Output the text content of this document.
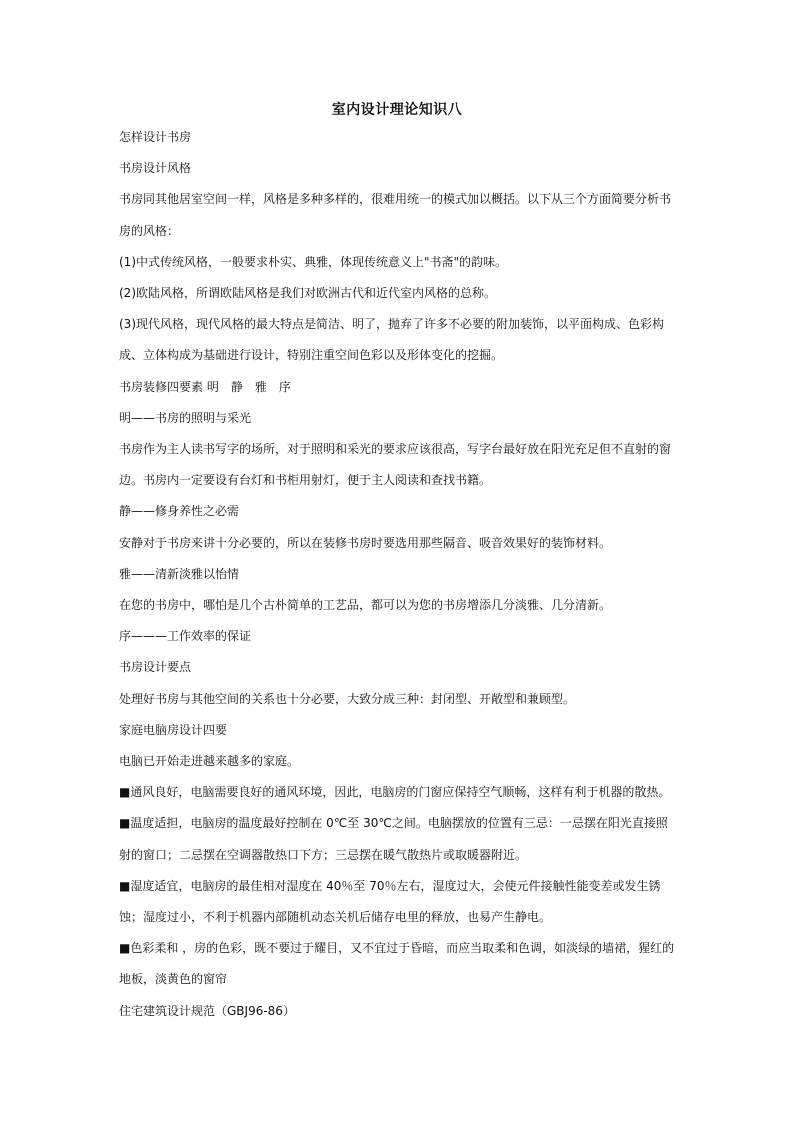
室内设计理论知识八

怎样设计书房

书房设计风格

书房同其他居室空间一样，风格是多种多样的，很难用统一的模式加以概括。以下从三个方面简要分析书房的风格：

(1)中式传统风格，一般要求朴实、典雅，体现传统意义上"书斋"的韵味。

(2)欧陆风格，所谓欧陆风格是我们对欧洲古代和近代室内风格的总称。

(3)现代风格，现代风格的最大特点是简洁、明了，抛弃了许多不必要的附加装饰，以平面构成、色彩构成、立体构成为基础进行设计，特别注重空间色彩以及形体变化的挖掘。

书房装修四要素 明　静　雅　序

明——书房的照明与采光

书房作为主人读书写字的场所，对于照明和采光的要求应该很高，写字台最好放在阳光充足但不直射的窗边。书房内一定要设有台灯和书柜用射灯，便于主人阅读和查找书籍。

静——修身养性之必需

安静对于书房来讲十分必要的，所以在装修书房时要选用那些隔音、吸音效果好的装饰材料。

雅——清新淡雅以怡情

在您的书房中，哪怕是几个古朴简单的工艺品，都可以为您的书房增添几分淡雅、几分清新。

序———工作效率的保证

书房设计要点

处理好书房与其他空间的关系也十分必要，大致分成三种：封闭型、开敞型和兼顾型。

家庭电脑房设计四要

电脑已开始走进越来越多的家庭。

■通风良好，电脑需要良好的通风环境，因此，电脑房的门窗应保持空气顺畅，这样有利于机器的散热。

■温度适担，电脑房的温度最好控制在 0℃至 30℃之间。电脑摆放的位置有三忌：一忌摆在阳光直接照射的窗口；二忌摆在空调器散热口下方；三忌摆在暖气散热片或取暖器附近。

■湿度适宜，电脑房的最佳相对湿度在 40％至 70％左右，湿度过大，会使元件接触性能变差或发生锈蚀；湿度过小，不利于机器内部随机动态关机后储存电里的释放，也易产生静电。

■色彩柔和 ，房的色彩，既不要过于耀目，又不宜过于昏暗，而应当取柔和色调，如淡绿的墙裙，猩红的地板，淡黄色的窗帘

住宅建筑设计规范（GBJ96-86）
